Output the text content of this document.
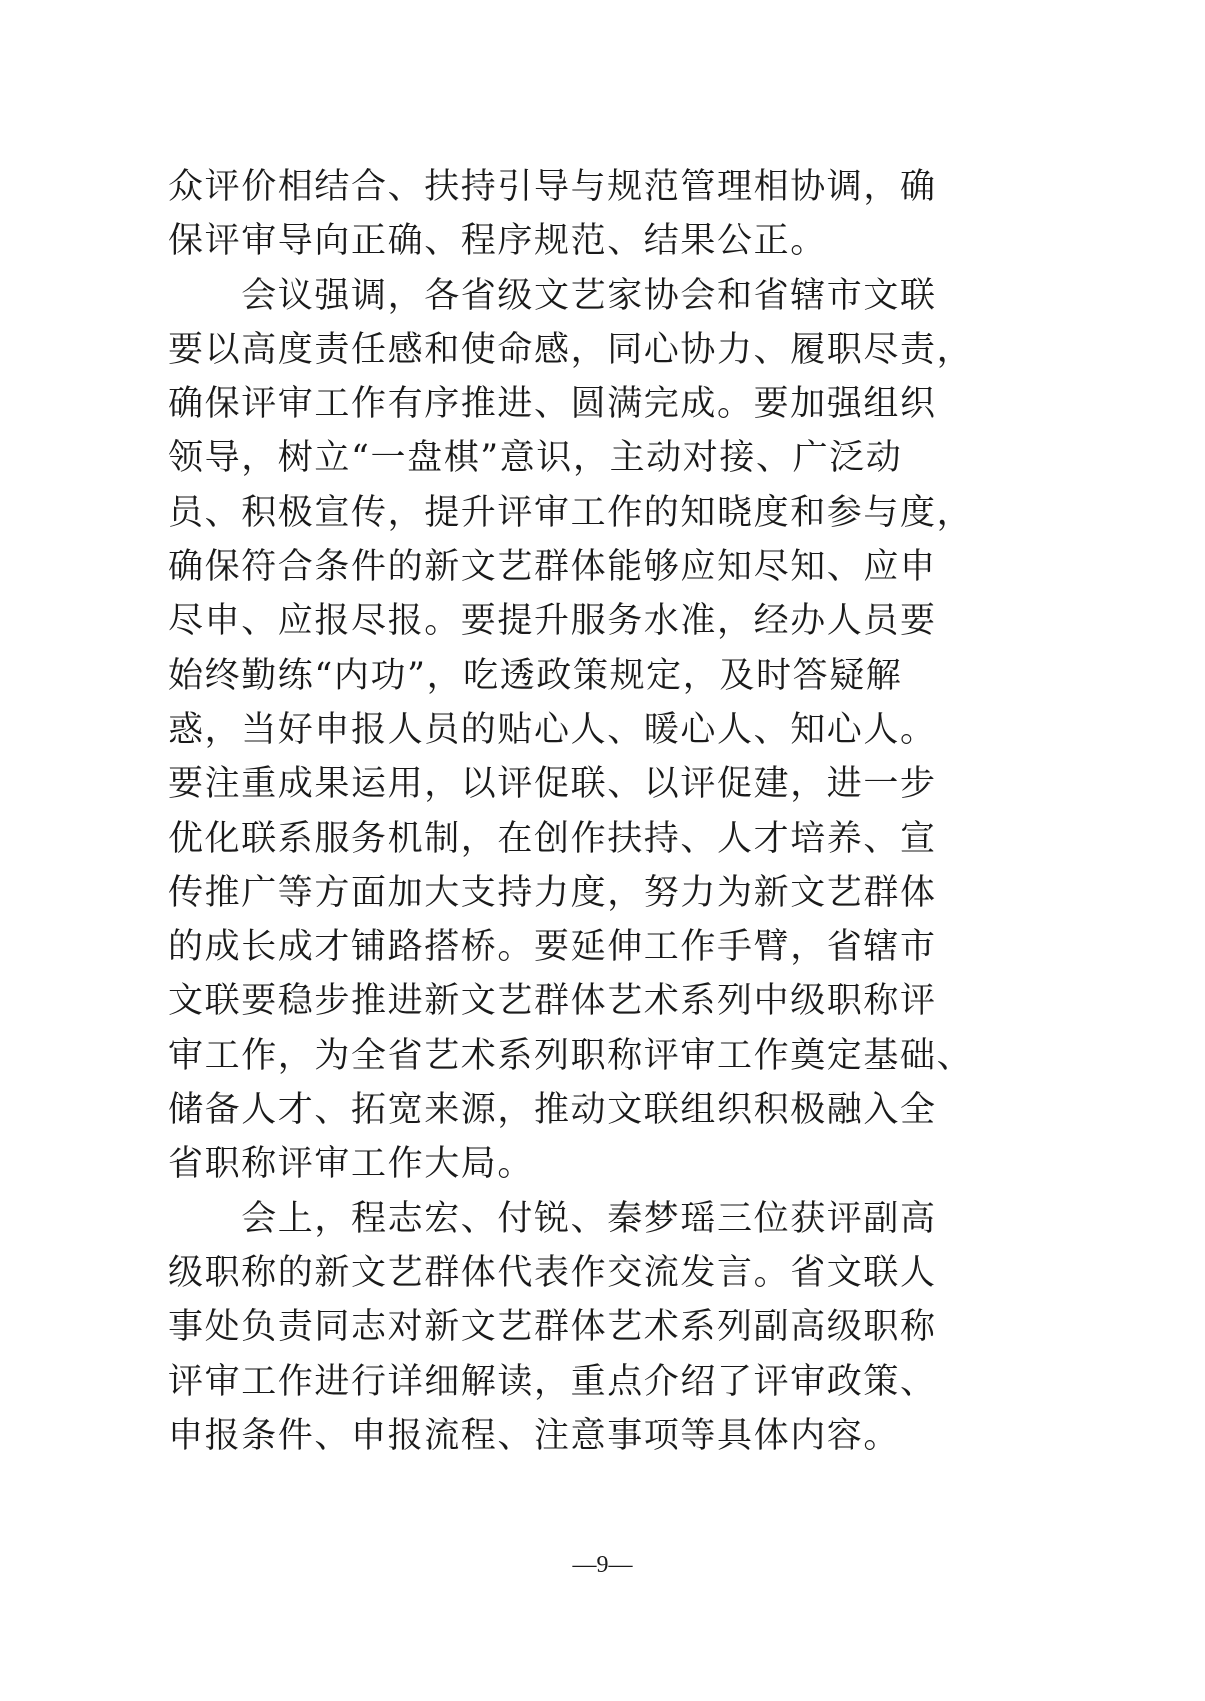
众评价相结合、扶持引导与规范管理相协调，确
保评审导向正确、程序规范、结果公正。
　　会议强调，各省级文艺家协会和省辖市文联
要以高度责任感和使命感，同心协力、履职尽责，
确保评审工作有序推进、圆满完成。要加强组织
领导，树立“一盘棋”意识，主动对接、广泛动
员、积极宣传，提升评审工作的知晓度和参与度，
确保符合条件的新文艺群体能够应知尽知、应申
尽申、应报尽报。要提升服务水准，经办人员要
始终勤练“内功”，吃透政策规定，及时答疑解
惑，当好申报人员的贴心人、暖心人、知心人。
要注重成果运用，以评促联、以评促建，进一步
优化联系服务机制，在创作扶持、人才培养、宣
传推广等方面加大支持力度，努力为新文艺群体
的成长成才铺路搭桥。要延伸工作手臂，省辖市
文联要稳步推进新文艺群体艺术系列中级职称评
审工作，为全省艺术系列职称评审工作奠定基础、
储备人才、拓宽来源，推动文联组织积极融入全
省职称评审工作大局。
　　会上，程志宏、付锐、秦梦瑶三位获评副高
级职称的新文艺群体代表作交流发言。省文联人
事处负责同志对新文艺群体艺术系列副高级职称
评审工作进行详细解读，重点介绍了评审政策、
申报条件、申报流程、注意事项等具体内容。
—9—
